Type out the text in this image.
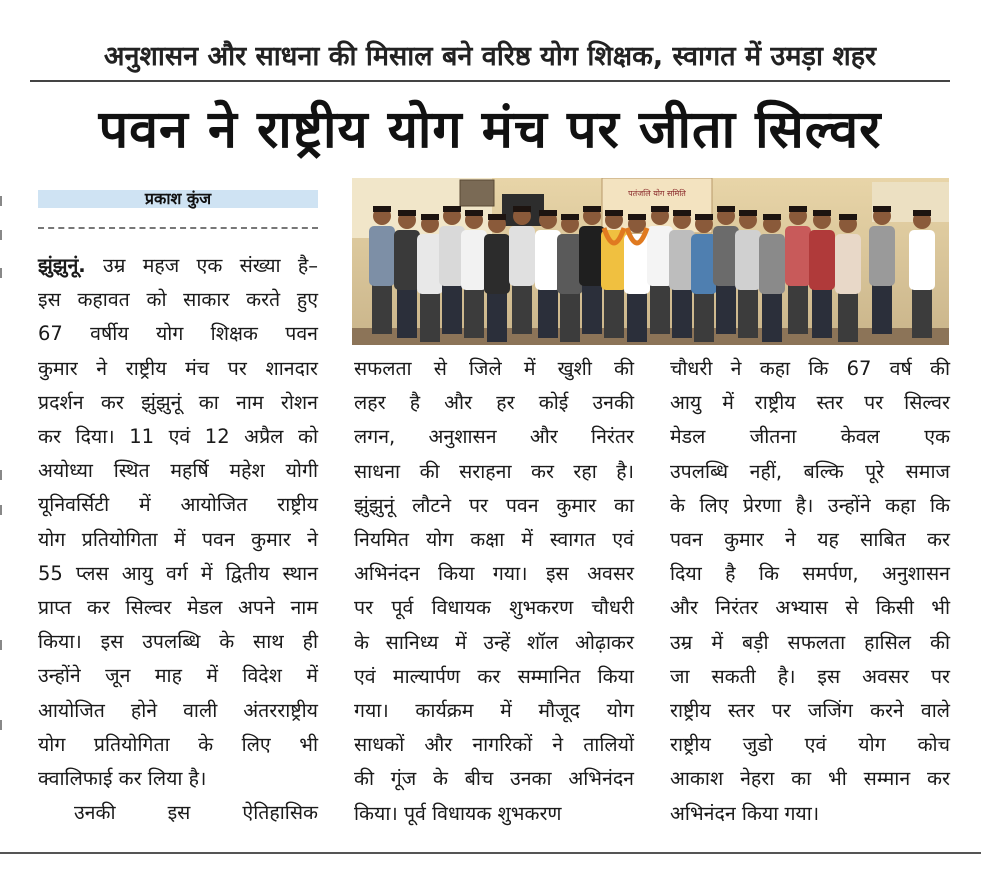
अनुशासन और साधना की मिसाल बने वरिष्ठ योग शिक्षक, स्वागत में उमड़ा शहर
पवन ने राष्ट्रीय योग मंच पर जीता सिल्वर
प्रकाश कुंज
झुंझुनूं. उम्र महज एक संख्या है–
इस कहावत को साकार करते हुए
67 वर्षीय योग शिक्षक पवन
कुमार ने राष्ट्रीय मंच पर शानदार
प्रदर्शन कर झुंझुनूं का नाम रोशन
कर दिया। 11 एवं 12 अप्रैल को
अयोध्या स्थित महर्षि महेश योगी
यूनिवर्सिटी में आयोजित राष्ट्रीय
योग प्रतियोगिता में पवन कुमार ने
55 प्लस आयु वर्ग में द्वितीय स्थान
प्राप्त कर सिल्वर मेडल अपने नाम
किया। इस उपलब्धि के साथ ही
उन्होंने जून माह में विदेश में
आयोजित होने वाली अंतरराष्ट्रीय
योग प्रतियोगिता के लिए भी
क्वालिफाई कर लिया है।
उनकी इस ऐतिहासिक
पतंजलि योग समिति
सफलता से जिले में खुशी की
लहर है और हर कोई उनकी
लगन, अनुशासन और निरंतर
साधना की सराहना कर रहा है।
झुंझुनूं लौटने पर पवन कुमार का
नियमित योग कक्षा में स्वागत एवं
अभिनंदन किया गया। इस अवसर
पर पूर्व विधायक शुभकरण चौधरी
के सानिध्य में उन्हें शॉल ओढ़ाकर
एवं माल्यार्पण कर सम्मानित किया
गया। कार्यक्रम में मौजूद योग
साधकों और नागरिकों ने तालियों
की गूंज के बीच उनका अभिनंदन
किया। पूर्व विधायक शुभकरण
चौधरी ने कहा कि 67 वर्ष की
आयु में राष्ट्रीय स्तर पर सिल्वर
मेडल जीतना केवल एक
उपलब्धि नहीं, बल्कि पूरे समाज
के लिए प्रेरणा है। उन्होंने कहा कि
पवन कुमार ने यह साबित कर
दिया है कि समर्पण, अनुशासन
और निरंतर अभ्यास से किसी भी
उम्र में बड़ी सफलता हासिल की
जा सकती है। इस अवसर पर
राष्ट्रीय स्तर पर जजिंग करने वाले
राष्ट्रीय जुडो एवं योग कोच
आकाश नेहरा का भी सम्मान कर
अभिनंदन किया गया।
